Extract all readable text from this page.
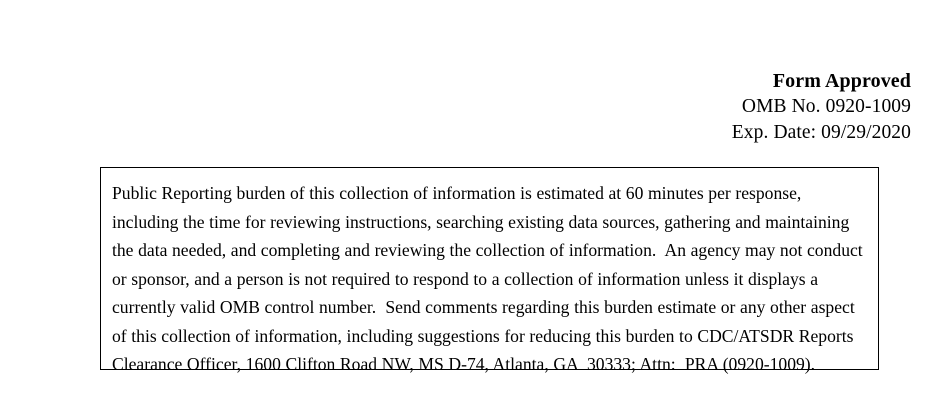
Form Approved
OMB No. 0920-1009
Exp. Date: 09/29/2020
Public Reporting burden of this collection of information is estimated at 60 minutes per response, including the time for reviewing instructions, searching existing data sources, gathering and maintaining the data needed, and completing and reviewing the collection of information.  An agency may not conduct or sponsor, and a person is not required to respond to a collection of information unless it displays a currently valid OMB control number.  Send comments regarding this burden estimate or any other aspect of this collection of information, including suggestions for reducing this burden to CDC/ATSDR Reports Clearance Officer, 1600 Clifton Road NW, MS D-74, Atlanta, GA  30333; Attn:  PRA (0920-1009).
